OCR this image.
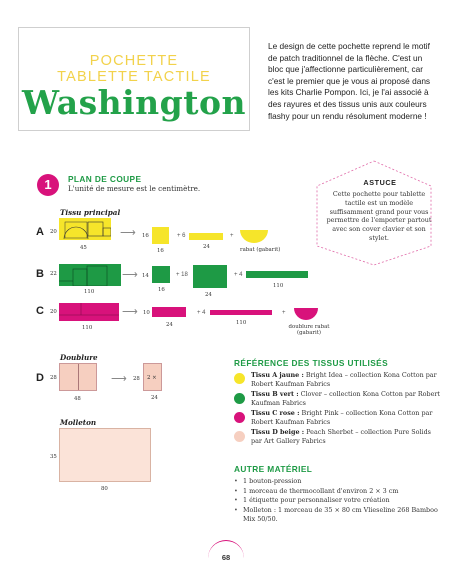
POCHETTE
TABLETTE TACTILE
Washington
Le design de cette pochette reprend le motif de patch traditionnel de la flèche. C'est un bloc que j'affectionne particulièrement, car c'est le premier que je vous ai proposé dans les kits Charlie Pompon. Ici, je l'ai associé à des rayures et des tissus unis aux couleurs flashy pour un rendu résolument moderne !
1	PLAN DE COUPE
L'unité de mesure est le centimètre.
Tissu principal
A 20
45
⟶ 16
16
+ 6
24
+
rabat (gabarit)
B 22
110
⟶ 14
16
+ 18
24
+ 4
110
C 20
110
⟶ 10
24
+ 4
110
+
doublure rabat (gabarit)
Doublure
D 28
48
⟶ 28 2 ×
24
Molleton
35
80
ASTUCE
Cette pochette pour tablette tactile est un modèle suffisamment grand pour vous permettre de l'emporter partout avec son cover clavier et son stylet.
RÉFÉRENCE DES TISSUS UTILISÉS
Tissu A jaune : Bright Idea – collection Kona Cotton par Robert Kaufman Fabrics
Tissu B vert : Clover – collection Kona Cotton par Robert Kaufman Fabrics
Tissu C rose : Bright Pink – collection Kona Cotton par Robert Kaufman Fabrics
Tissu D beige : Peach Sherbet – collection Pure Solids par Art Gallery Fabrics
AUTRE MATÉRIEL
• 1 bouton-pression
• 1 morceau de thermocollant d'environ 2 × 3 cm
• 1 étiquette pour personnaliser votre création
• Molleton : 1 morceau de 35 × 80 cm Vlieseline 268 Bamboo Mix 50/50.
68
